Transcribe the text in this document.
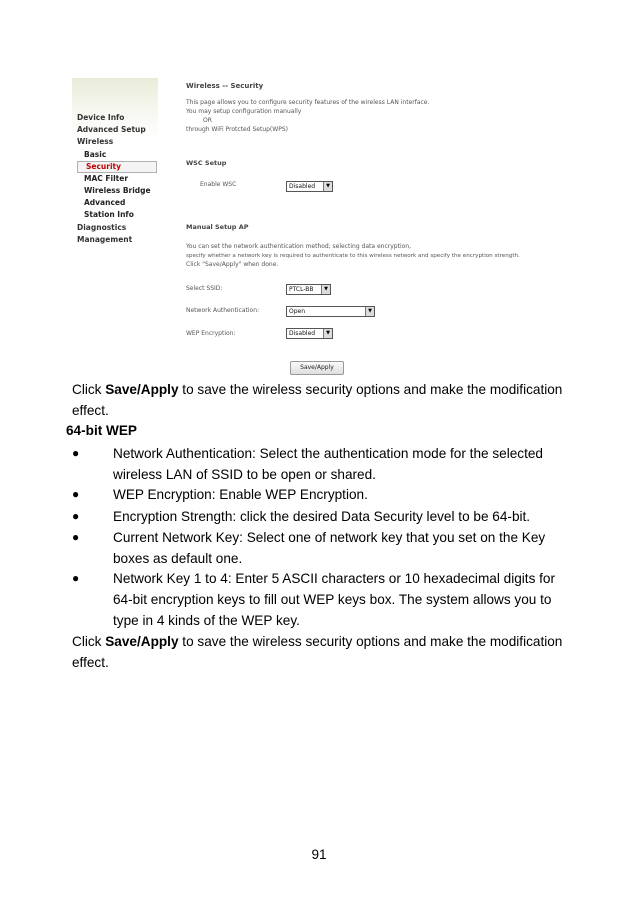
Device Info
Advanced Setup
Wireless
Basic
Security
MAC Filter
Wireless Bridge
Advanced
Station Info
Diagnostics
Management
Wireless -- Security
This page allows you to configure security features of the wireless LAN interface.
You may setup configuration manually
OR
through WiFi Protcted Setup(WPS)
WSC Setup
Enable WSC	Disabled	▼
Manual Setup AP
You can set the network authentication method, selecting data encryption,
specify whether a network key is required to authenticate to this wireless network and specify the encryption strength.
Click "Save/Apply" when done.
Select SSID:	PTCL-BB	▼
Network Authentication:	Open	▼
WEP Encryption:	Disabled	▼
Save/Apply
Click Save/Apply to save the wireless security options and make the modification
effect.
64-bit WEP
● Network Authentication: Select the authentication mode for the selected
wireless LAN of SSID to be open or shared.
● WEP Encryption: Enable WEP Encryption.
● Encryption Strength: click the desired Data Security level to be 64-bit.
● Current Network Key: Select one of network key that you set on the Key
boxes as default one.
● Network Key 1 to 4: Enter 5 ASCII characters or 10 hexadecimal digits for
64-bit encryption keys to fill out WEP keys box. The system allows you to
type in 4 kinds of the WEP key.
Click Save/Apply to save the wireless security options and make the modification
effect.
91
